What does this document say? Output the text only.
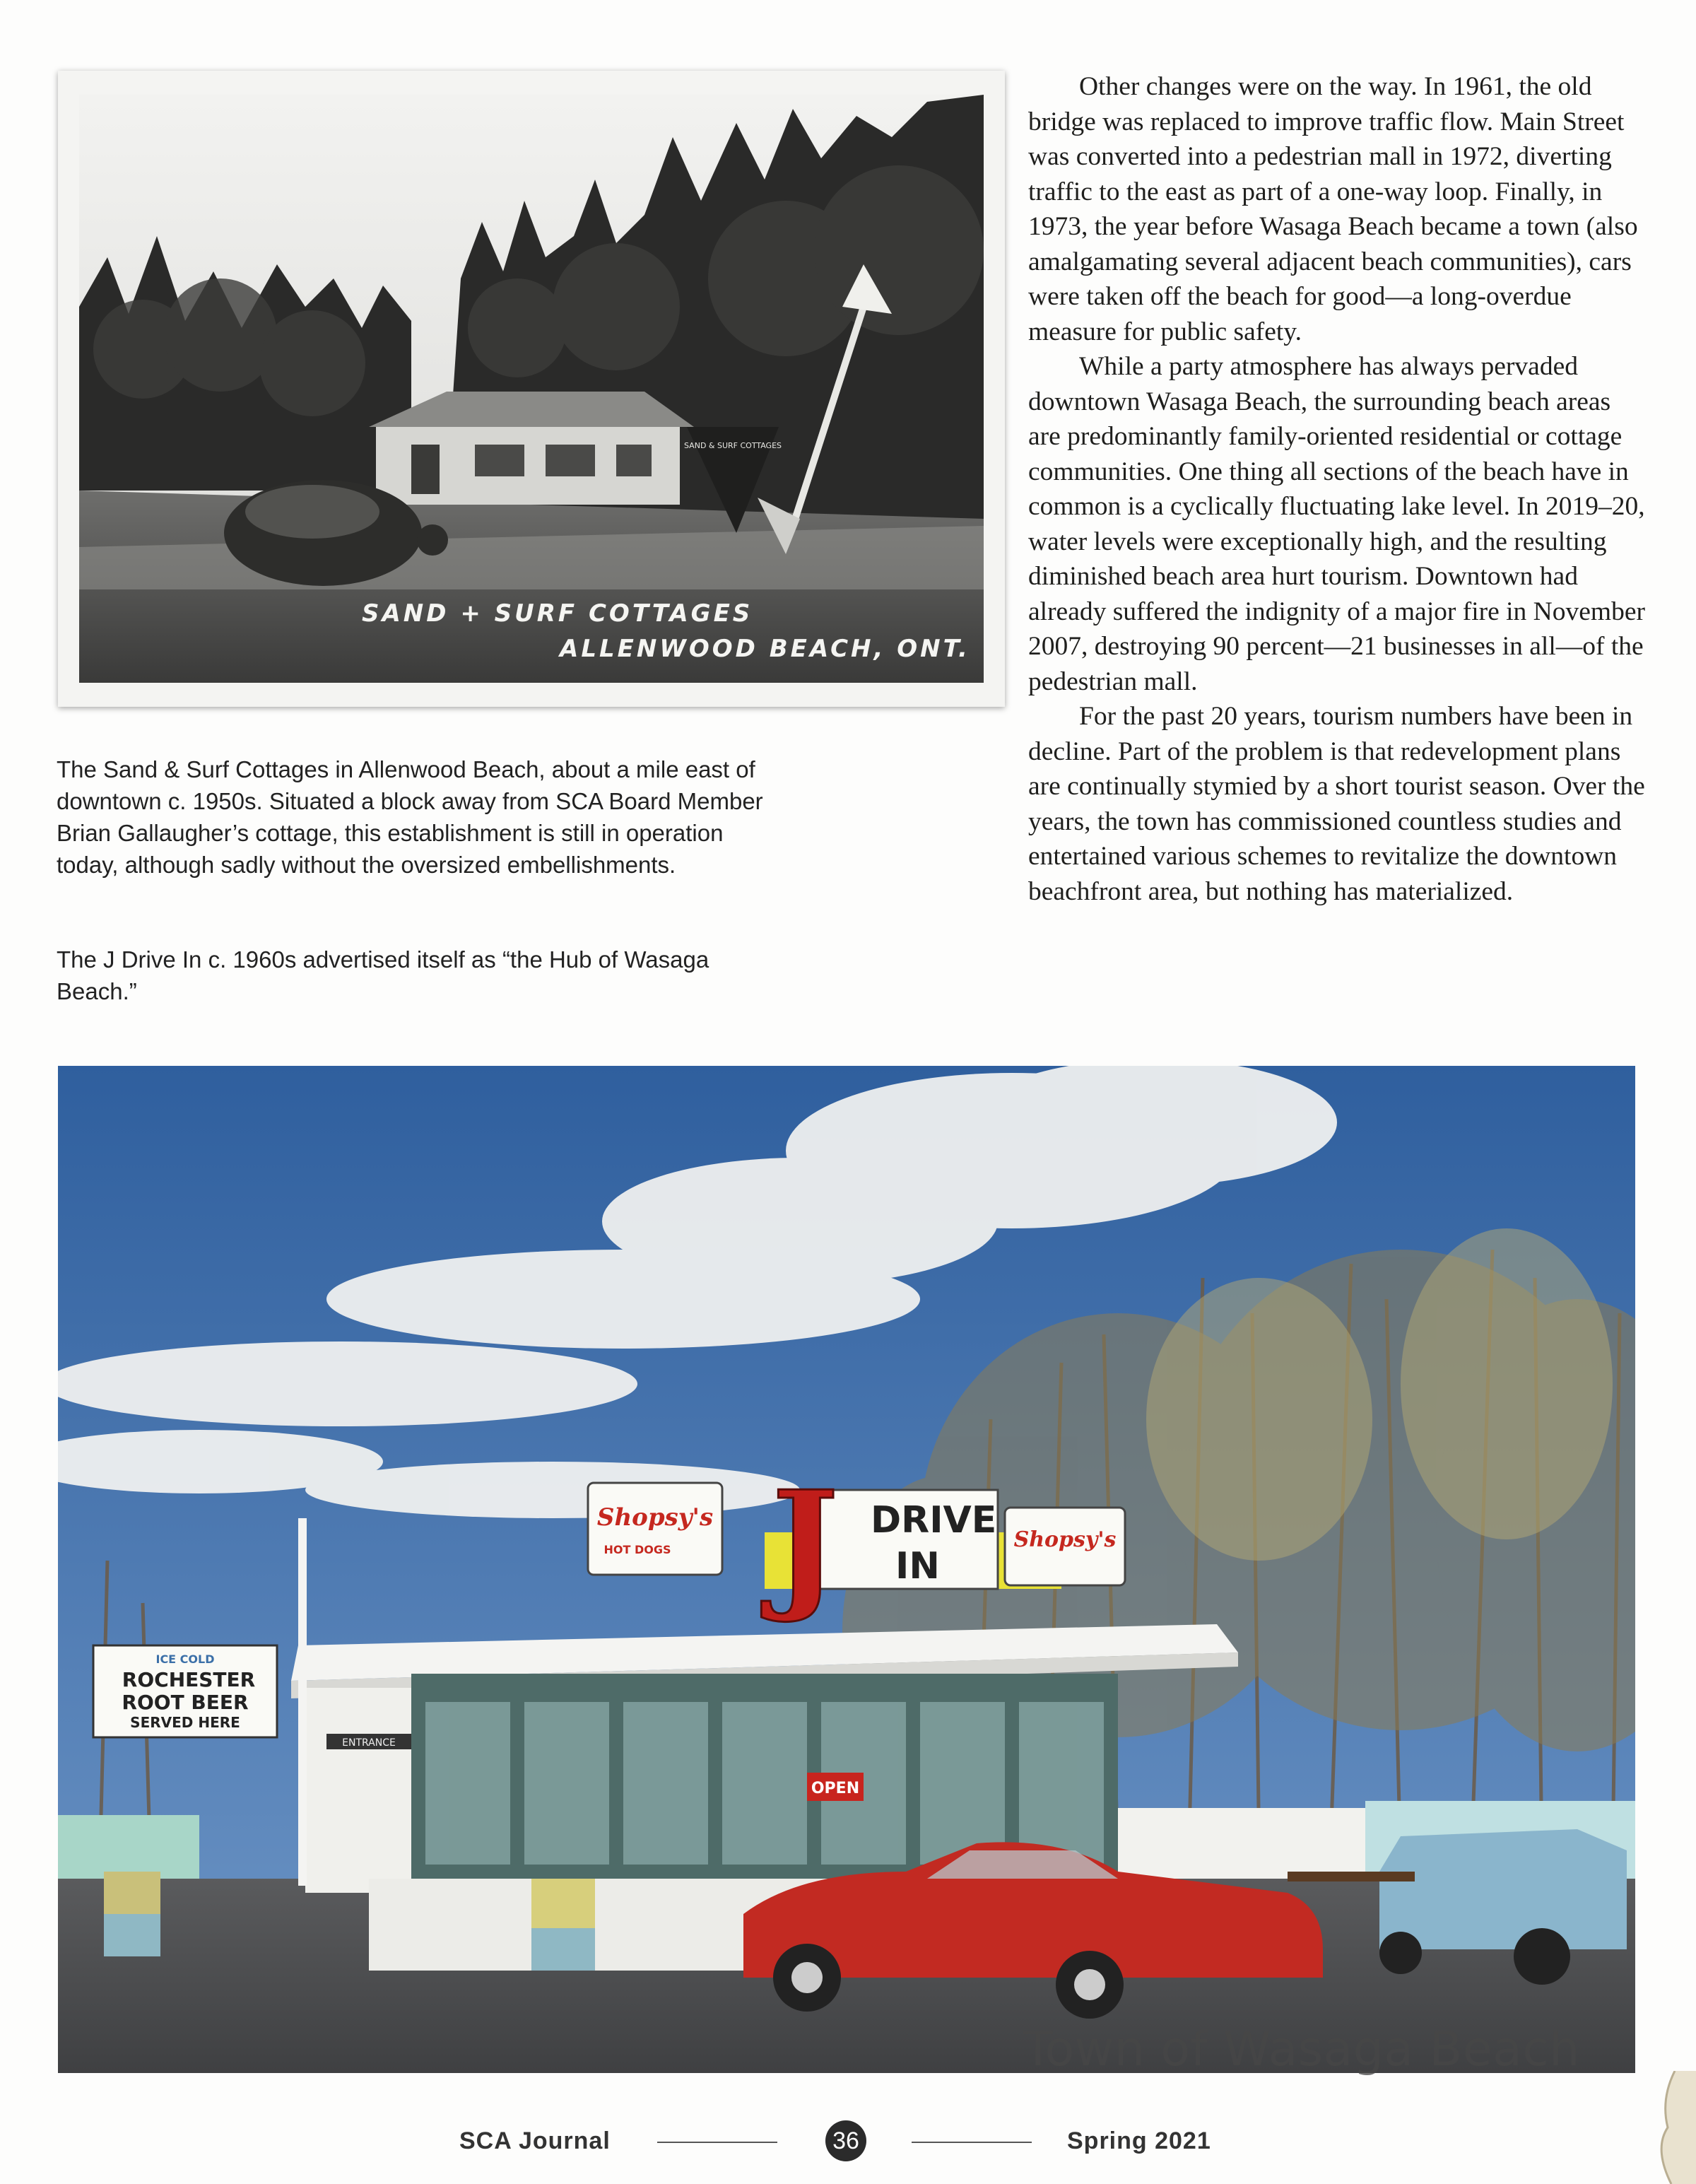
SAND & SURF COTTAGES
SAND + SURF COTTAGES
ALLENWOOD BEACH, ONT.
The Sand & Surf Cottages in Allenwood Beach, about a mile east of downtown c. 1950s. Situated a block away from SCA Board Member Brian Gallaugher’s cottage, this establishment is still in operation today, although sadly without the oversized embellishments.
The J Drive In c. 1960s advertised itself as “the Hub of Wasaga Beach.”

Other changes were on the way. In 1961, the old bridge was replaced to improve traffic flow. Main Street was converted into a pedestrian mall in 1972, diverting traffic to the east as part of a one-way loop. Finally, in 1973, the year before Wasaga Beach became a town (also amalgamating several adjacent beach communities), cars were taken off the beach for good—a long-overdue measure for public safety.

While a party atmosphere has always pervaded downtown Wasaga Beach, the surrounding beach areas are predominantly family-oriented residential or cottage communities. One thing all sections of the beach have in common is a cyclically fluctuating lake level. In 2019–20, water levels were exceptionally high, and the resulting diminished beach area hurt tourism. Downtown had already suffered the indignity of a major fire in November 2007, destroying 90 percent—21 businesses in all—of the pedestrian mall.

For the past 20 years, tourism numbers have been in decline. Part of the problem is that redevelopment plans are continually stymied by a short tourist season. Over the years, the town has commissioned countless studies and entertained various schemes to revitalize the downtown beachfront area, but nothing has materialized.

ICE COLD
ROCHESTER
ROOT BEER
SERVED HERE
Shopsy's
HOT DOGS J DRIVE
IN
Shopsy's
OPEN
ENTRANCE
Town of Wasaga Beach
SCA Journal	36	Spring 2021
